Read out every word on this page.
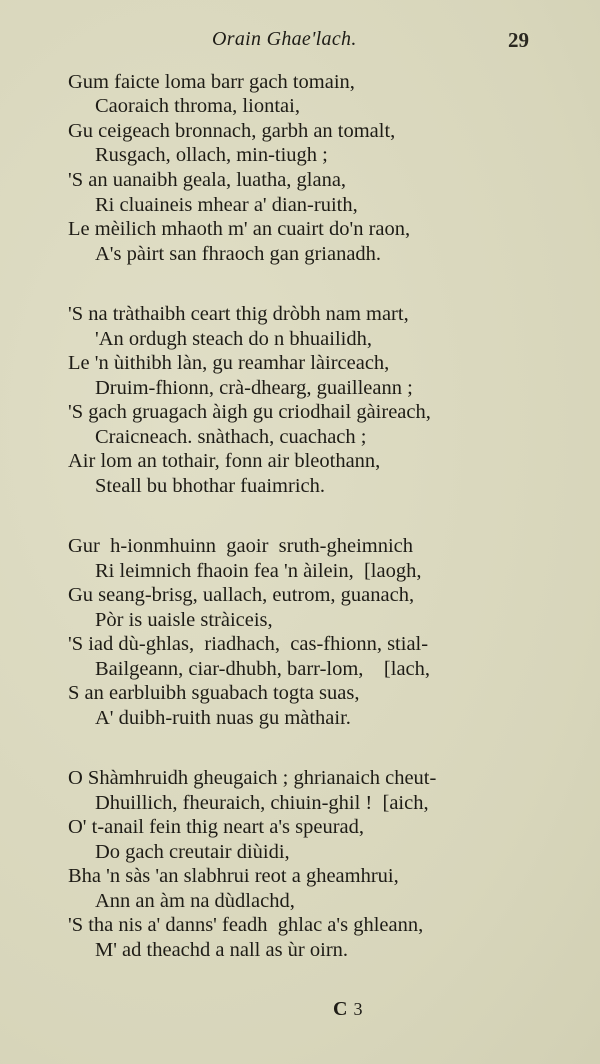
Orain Ghae'lach.	29
Gum faicte loma barr gach tomain,
Caoraich throma, liontai,
Gu ceigeach bronnach, garbh an tomalt,
Rusgach, ollach, min-tiugh ;
'S an uanaibh geala, luatha, glana,
Ri cluaineis mhear a' dian-ruith,
Le mèilich mhaoth m' an cuairt do'n raon,
A's pàirt san fhraoch gan grianadh.
'S na tràthaibh ceart thig dròbh nam mart,
'An ordugh steach do n bhuailidh,
Le 'n ùithibh làn, gu reamhar làirceach,
Druim-fhionn, crà-dhearg, guailleann ;
'S gach gruagach àigh gu criodhail gàireach,
Craicneach. snàthach, cuachach ;
Air lom an tothair, fonn air bleothann,
Steall bu bhothar fuaimrich.
Gur  h-ionmhuinn  gaoir  sruth-gheimnich
Ri leimnich fhaoin fea 'n àilein,  [laogh,
Gu seang-brisg, uallach, eutrom, guanach,
Pòr is uaisle stràiceis,
'S iad dù-ghlas,  riadhach,  cas-fhionn, stial-
Bailgeann, ciar-dhubh, barr-lom,    [lach,
S an earbluibh sguabach togta suas,
A' duibh-ruith nuas gu màthair.
O Shàmhruidh gheugaich ; ghrianaich cheut-
Dhuillich, fheuraich, chiuin-ghil !  [aich,
O' t-anail fein thig neart a's speurad,
Do gach creutair diùidi,
Bha 'n sàs 'an slabhrui reot a gheamhrui,
Ann an àm na dùdlachd,
'S tha nis a' danns' feadh  ghlac a's ghleann,
M' ad theachd a nall as ùr oirn.
C 3
